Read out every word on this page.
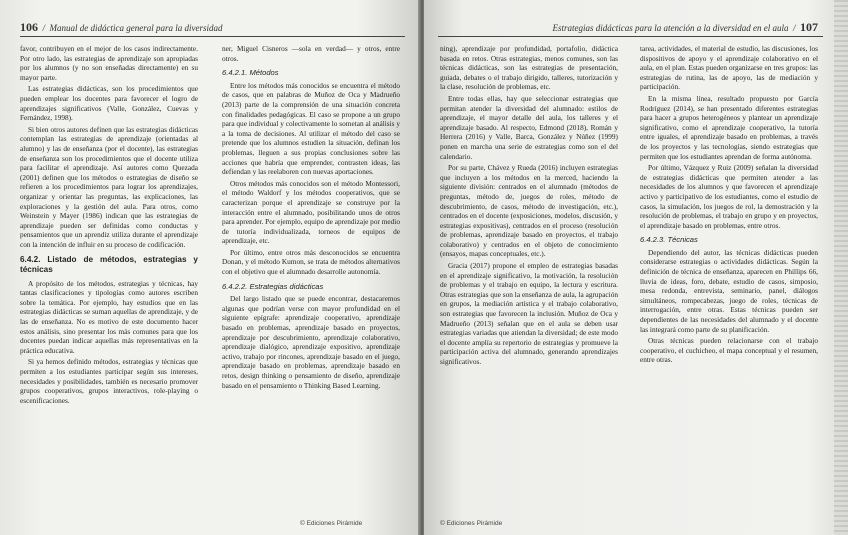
106  /  Manual de didáctica general para la diversidad

favor, contribuyen en el mejor de los casos indirectamente. Por otro lado, las estrategias de aprendizaje son apropiadas por los alumnos (y no son enseñadas directamente) en su mayor parte.

Las estrategias didácticas, son los procedimientos que pueden emplear los docentes para favorecer el logro de aprendizajes significativos (Valle, González, Cuevas y Fernández, 1998).

Si bien otros autores definen que las estrategias didácticas contemplan las estrategias de aprendizaje (orientadas al alumno) y las de enseñanza (por el docente), las estrategias de enseñanza son los procedimientos que el docente utiliza para facilitar el aprendizaje. Así autores como Quezada (2001) definen que los métodos o estrategias de diseño se refieren a los procedimientos para lograr los aprendizajes, organizar y orientar las preguntas, las explicaciones, las exploraciones y la gestión del aula. Para otros, como Weinstein y Mayer (1986) indican que las estrategias de aprendizaje pueden ser definidas como conductas y pensamientos que un aprendiz utiliza durante el aprendizaje con la intención de influir en su proceso de codificación.

6.4.2. Listado de métodos, estrategias y técnicas

A propósito de los métodos, estrategias y técnicas, hay tantas clasificaciones y tipologías como autores escriben sobre la temática. Por ejemplo, hay estudios que en las estrategias didácticas se suman aquellas de aprendizaje, y de las de enseñanza. No es motivo de este documento hacer estos análisis, sino presentar los más comunes para que los docentes puedan indicar aquellas más representativas en la práctica educativa.

Si ya hemos definido métodos, estrategias y técnicas que permiten a los estudiantes participar según sus intereses, necesidades y posibilidades, también es necesario promover grupos cooperativos, grupos interactivos, role-playing o escenificaciones.

ner, Miguel Cisneros —sola en verdad— y otros, entre otros.

6.4.2.1. Métodos

Entre los métodos más conocidos se encuentra el método de casos, que en palabras de Muñoz de Oca y Madrueño (2013) parte de la comprensión de una situación concreta con finalidades pedagógicas. El caso se propone a un grupo para que individual y colectivamente lo sometan al análisis y a la toma de decisiones. Al utilizar el método del caso se pretende que los alumnos estudien la situación, definan los problemas, lleguen a sus propias conclusiones sobre las acciones que habría que emprender, contrasten ideas, las defiendan y las reelaboren con nuevas aportaciones.

Otros métodos más conocidos son el método Montessori, el método Waldorf y los métodos cooperativos, que se caracterizan porque el aprendizaje se construye por la interacción entre el alumnado, posibilitando unos de otros para aprender. Por ejemplo, equipo de aprendizaje por medio de tutoría individualizada, torneos de equipos de aprendizaje, etc.

Por último, entre otros más desconocidos se encuentra Donan, y el método Kumon, se trata de métodos alternativos con el objetivo que el alumnado desarrolle autonomía.

6.4.2.2. Estrategias didácticas

Del largo listado que se puede encontrar, destacaremos algunas que podrían verse con mayor profundidad en el siguiente epígrafe: aprendizaje cooperativo, aprendizaje basado en problemas, aprendizaje basado en proyectos, aprendizaje por descubrimiento, aprendizaje colaborativo, aprendizaje dialógico, aprendizaje expositivo, aprendizaje activo, trabajo por rincones, aprendizaje basado en el juego, aprendizaje basado en problemas, aprendizaje basado en retos, design thinking o pensamiento de diseño, aprendizaje basado en el pensamiento o Thinking Based Learning.

© Ediciones Pirámide
Estrategias didácticas para la atención a la diversidad en el aula  /  107

ning), aprendizaje por profundidad, portafolio, didáctica basada en retos. Otras estrategias, menos comunes, son las técnicas didácticas, son las estrategias de presentación, guiada, debates o el trabajo dirigido, talleres, tutorización y la clase, resolución de problemas, etc.

Entre todas ellas, hay que seleccionar estrategias que permitan atender la diversidad del alumnado: estilos de aprendizaje, el mayor detalle del aula, los talleres y el aprendizaje basado. Al respecto, Edmond (2018), Román y Herrera (2016) y Valle, Barca, González y Núñez (1999) ponen en marcha una serie de estrategias como son el del calendario.

Por su parte, Chávez y Rueda (2016) incluyen estrategias que incluyen a los métodos en la merced, haciendo la siguiente división: centrados en el alumnado (métodos de preguntas, método de, juegos de roles, método de descubrimiento, de casos, método de investigación, etc.), centrados en el docente (exposiciones, modelos, discusión, y estrategias expositivas), centrados en el proceso (resolución de problemas, aprendizaje basado en proyectos, el trabajo colaborativo) y centrados en el objeto de conocimiento (ensayos, mapas conceptuales, etc.).

Gracia (2017) propone el empleo de estrategias basadas en el aprendizaje significativo, la motivación, la resolución de problemas y el trabajo en equipo, la lectura y escritura. Otras estrategias que son la enseñanza de aula, la agrupación en grupos, la mediación artística y el trabajo colaborativo, son estrategias que favorecen la inclusión. Muñoz de Oca y Madrueño (2013) señalan que en el aula se deben usar estrategias variadas que atiendan la diversidad; de este modo el docente amplía su repertorio de estrategias y promueve la participación activa del alumnado, generando aprendizajes significativos.

tarea, actividades, el material de estudio, las discusiones, los dispositivos de apoyo y el aprendizaje colaborativo en el aula, en el plan. Estas pueden organizarse en tres grupos: las estrategias de rutina, las de apoyo, las de mediación y participación.

En la misma línea, resultado propuesto por García Rodríguez (2014), se han presentado diferentes estrategias para hacer a grupos heterogéneos y plantear un aprendizaje significativo, como el aprendizaje cooperativo, la tutoría entre iguales, el aprendizaje basado en problemas, a través de los proyectos y las tecnologías, siendo estrategias que permiten que los estudiantes aprendan de forma autónoma.

Por último, Vázquez y Ruiz (2009) señalan la diversidad de estrategias didácticas que permiten atender a las necesidades de los alumnos y que favorecen el aprendizaje activo y participativo de los estudiantes, como el estudio de casos, la simulación, los juegos de rol, la demostración y la resolución de problemas, el trabajo en grupo y en proyectos, el aprendizaje basado en problemas, entre otros.

6.4.2.3. Técnicas

Dependiendo del autor, las técnicas didácticas pueden considerarse estrategias o actividades didácticas. Según la definición de técnica de enseñanza, aparecen en Phillips 66, lluvia de ideas, foro, debate, estudio de casos, simposio, mesa redonda, entrevista, seminario, panel, diálogos simultáneos, rompecabezas, juego de roles, técnicas de interrogación, entre otras. Estas técnicas pueden ser dependientes de las necesidades del alumnado y el docente las integrará como parte de su planificación.

Otras técnicas pueden relacionarse con el trabajo cooperativo, el cuchicheo, el mapa conceptual y el resumen, entre otras.

© Ediciones Pirámide
